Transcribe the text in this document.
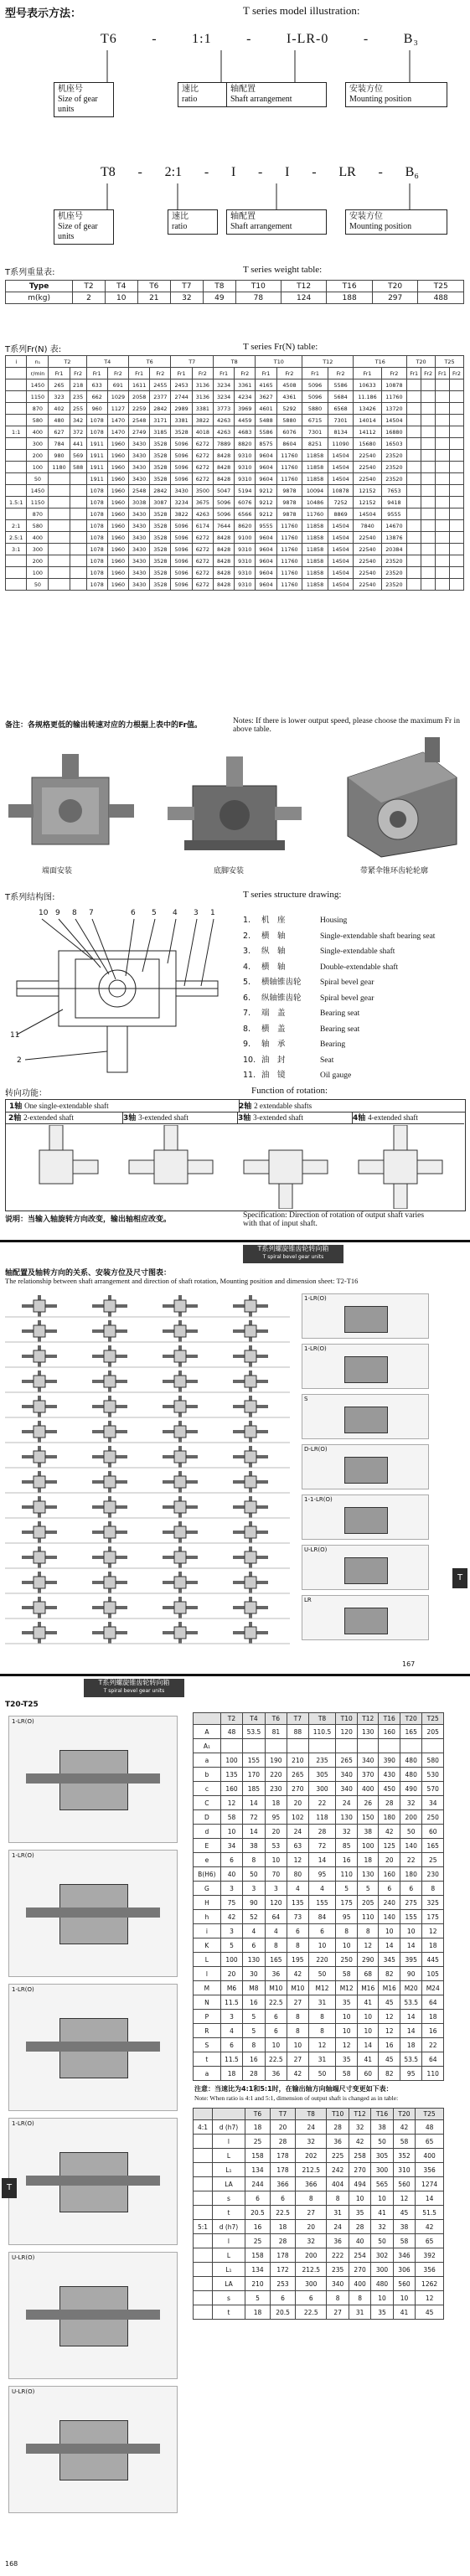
型号表示方法：	T series model illustration:
T6	-	1:1	-	I-LR-0	-	B₃
机座号
Size of gear units
速比
ratio
轴配置
Shaft arrangement
安装方位
Mounting position
T8 - 2:1 - I - I - LR - B₆
机座号
Size of gear units
速比
ratio
轴配置
Shaft arrangement
安装方位
Mounting position
T系列重量表:	T series weight table:
Type	T2	T4	T6	T7	T8	T10	T12	T16	T20	T25
m(kg)	2	10	21	32	49	78	124	188	297	488
T系列Fr(N) 表:	T series Fr(N) table:
i	n₁	T2		T4		T6		T7		T8		T10		T12		T16		T20		T25	
	r/min	Fr1	Fr2	Fr1	Fr2	Fr1	Fr2	Fr1	Fr2	Fr1	Fr2	Fr1	Fr2	Fr1	Fr2	Fr1	Fr2	Fr1	Fr2	Fr1	Fr2
	1450	265	218	633	691	1611	2455	2453	3136	3234	3361	4165	4508	5096	5586	10633	10878				
	1150	323	235	662	1029	2058	2377	2744	3136	3234	4234	3627	4361	5096	5684	11.186	11760				
	870	402	255	960	1127	2259	2842	2989	3381	3773	3969	4601	5292	5880	6568	13426	13720				
	580	480	342	1078	1470	2548	3171	3381	3822	4263	4459	5488	5880	6715	7301	14014	14504				
1:1	400	627	372	1078	1470	2749	3185	3528	4018	4263	4683	5586	6076	7301	8134	14112	16880				
	300	784	441	1911	1960	3430	3528	5096	6272	7889	8820	8575	8604	8251	11090	15680	16503				
	200	980	569	1911	1960	3430	3528	5096	6272	8428	9310	9604	11760	11858	14504	22540	23520				
	100	1180	588	1911	1960	3430	3528	5096	6272	8428	9310	9604	11760	11858	14504	22540	23520				
	50			1911	1960	3430	3528	5096	6272	8428	9310	9604	11760	11858	14504	22540	23520				
	1450			1078	1960	2548	2842	3430	3500	5047	5194	9212	9878	10094	10878	12152	7653				
1.5:1	1150			1078	1960	3038	3087	3234	3675	5096	6076	9212	9878	10486	7252	12152	9418				
	870			1078	1960	3430	3528	3822	4263	5096	6566	9212	9878	11760	8869	14504	9555				
2:1	580			1078	1960	3430	3528	5096	6174	7644	8620	9555	11760	11858	14504	7840	14670				
2.5:1	400			1078	1960	3430	3528	5096	6272	8428	9100	9604	11760	11858	14504	22540	13876				
3:1	300			1078	1960	3430	3528	5096	6272	8428	9310	9604	11760	11858	14504	22540	20384				
	200			1078	1960	3430	3528	5096	6272	8428	9310	9604	11760	11858	14504	22540	23520				
	100			1078	1960	3430	3528	5096	6272	8428	9310	9604	11760	11858	14504	22540	23520				
	50			1078	1960	3430	3528	5096	6272	8428	9310	9604	11760	11858	14504	22540	23520				
备注：各规格更低的输出转速对应的力根据上表中的Fr值。	Notes: If there is lower output speed, please choose the maximum Fr in above table.
端面安装	底脚安装	带紧伞锥环齿轮轮廓
T系列结构图:	T series structure drawing:
10 9 8 7	6 5 4 3 1
11
2
1. 机　座	Housing
2. 横　轴	Single-extendable shaft bearing seat
3. 纵　轴	Single-extendable shaft
4. 横　轴	Double-extendable shaft
5. 横轴锥齿轮 Spiral bevel gear
6. 纵轴锥齿轮 Spiral bevel gear
7. 端　盖	Bearing seat
8. 横　盖	Bearing seat
9. 轴　承	Bearing
10. 油　封	Seat
11. 油　镜	Oil gauge
转向功能：	Function of rotation:
1轴 One single-extendable shaft	2轴 2 extendable shafts
2轴 2-extended shaft	3轴 3-extended shaft	3轴 3-extended shaft	4轴 4-extended shaft
说明：当输入轴旋转方向改变，输出轴相应改变。	Specification: Direction of rotation of output shaft varies with that of input shaft.
T系列螺旋锥齿轮转向箱
T spiral bevel gear units
轴配置及轴转方向的关系、安装方位及尺寸图表：
The relationship between shaft arrangement and direction of shaft rotation, Mounting position and dimension sheet: T2-T16
1-LR(O)
1-LR(O)
S
D-LR(O)
1-1-LR(O)
U-LR(O)
LR
T
167
T系列螺旋锥齿轮转向箱
T spiral bevel gear units
T20-T25
1-LR(O)
1-LR(O)
1-LR(O)
1-LR(O)
U-LR(O)
U-LR(O)
	T2	T4	T6	T7	T8	T10	T12	T16	T20	T25
A	48	53.5	81	88	110.5	120	130	160	165	205
A₁										
a	100	155	190	210	235	265	340	390	480	580
b	135	170	220	265	305	340	370	430	480	530
c	160	185	230	270	300	340	400	450	490	570
C	12	14	18	20	22	24	26	28	32	34
D	58	72	95	102	118	130	150	180	200	250
d	10	14	20	24	28	32	38	42	50	60
E	34	38	53	63	72	85	100	125	140	165
e	6	8	10	12	14	16	18	20	22	25
B(H6)	40	50	70	80	95	110	130	160	180	230
G	3	3	3	4	4	5	5	6	6	8
H	75	90	120	135	155	175	205	240	275	325
h	42	52	64	73	84	95	110	140	155	175
i	3	4	4	6	6	8	8	10	10	12
K	5	6	8	8	10	10	12	14	14	18
L	100	130	165	195	220	250	290	345	395	445
l	20	30	36	42	50	58	68	82	90	105
M	M6	M8	M10	M10	M12	M12	M16	M16	M20	M24
N	11.5	16	22.5	27	31	35	41	45	53.5	64
P	3	5	6	8	8	10	10	12	14	18
R	4	5	6	8	8	10	10	12	14	16
S	6	8	10	10	12	12	14	16	18	22
t	11.5	16	22.5	27	31	35	41	45	53.5	64
a	18	28	36	42	50	58	60	82	95	110
注意：当速比为4:1和5:1时，在输出轴方向轴端尺寸变更如下表：
Note: When ratio is 4:1 and 5:1, dimension of output shaft is changed as in table:
		T6	T7	T8	T10	T12	T16	T20	T25
4:1	d (h7)	18	20	24	28	32	38	42	48
	l	25	28	32	36	42	50	58	65
	L	158	178	202	225	258	305	352	400
	L₁	134	178	212.5	242	270	300	310	356
	LA	244	366	366	404	494	565	560	1274
	s	6	6	8	8	10	10	12	14
	t	20.5	22.5	27	31	35	41	45	51.5
5:1	d (h7)	16	18	20	24	28	32	38	42
	l	25	28	32	36	40	50	58	65
	L	158	178	200	222	254	302	346	392
	L₁	134	172	212.5	235	270	300	306	356
	LA	210	253	300	340	400	480	560	1262
	s	5	6	6	8	8	10	10	12
	t	18	20.5	22.5	27	31	35	41	45
T
168
